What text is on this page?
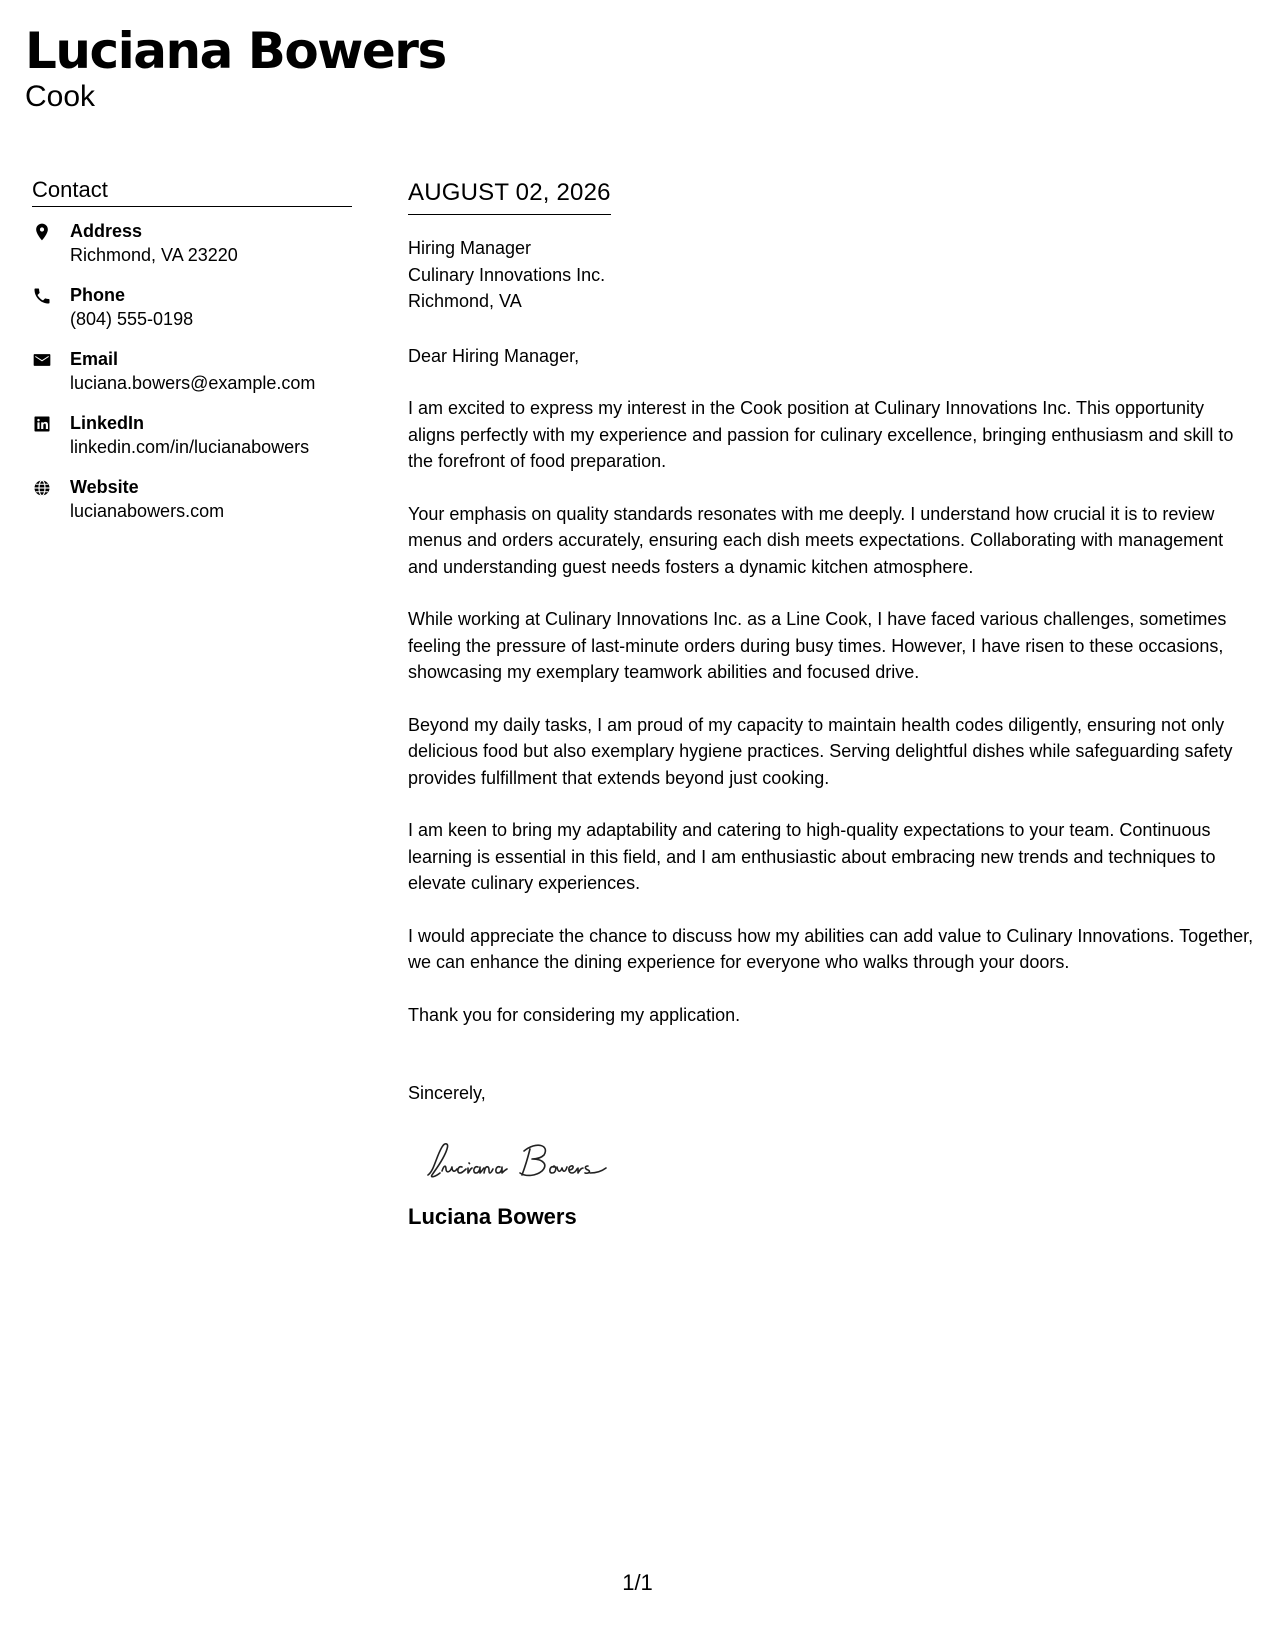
Luciana Bowers
Cook
Contact
Address
Richmond, VA 23220
Phone
(804) 555-0198
Email
luciana.bowers@example.com
LinkedIn
linkedin.com/in/lucianabowers
Website
lucianabowers.com
AUGUST 02, 2026
Hiring Manager
Culinary Innovations Inc.
Richmond, VA
Dear Hiring Manager,

I am excited to express my interest in the Cook position at Culinary Innovations Inc. This opportunity aligns perfectly with my experience and passion for culinary excellence, bringing enthusiasm and skill to the forefront of food preparation.

Your emphasis on quality standards resonates with me deeply. I understand how crucial it is to review menus and orders accurately, ensuring each dish meets expectations. Collaborating with management and understanding guest needs fosters a dynamic kitchen atmosphere.

While working at Culinary Innovations Inc. as a Line Cook, I have faced various challenges, sometimes feeling the pressure of last-minute orders during busy times. However, I have risen to these occasions, showcasing my exemplary teamwork abilities and focused drive.

Beyond my daily tasks, I am proud of my capacity to maintain health codes diligently, ensuring not only delicious food but also exemplary hygiene practices. Serving delightful dishes while safeguarding safety provides fulfillment that extends beyond just cooking.

I am keen to bring my adaptability and catering to high-quality expectations to your team. Continuous learning is essential in this field, and I am enthusiastic about embracing new trends and techniques to elevate culinary experiences.

I would appreciate the chance to discuss how my abilities can add value to Culinary Innovations. Together, we can enhance the dining experience for everyone who walks through your doors.

Thank you for considering my application.

Sincerely,
Luciana Bowers
1/1
